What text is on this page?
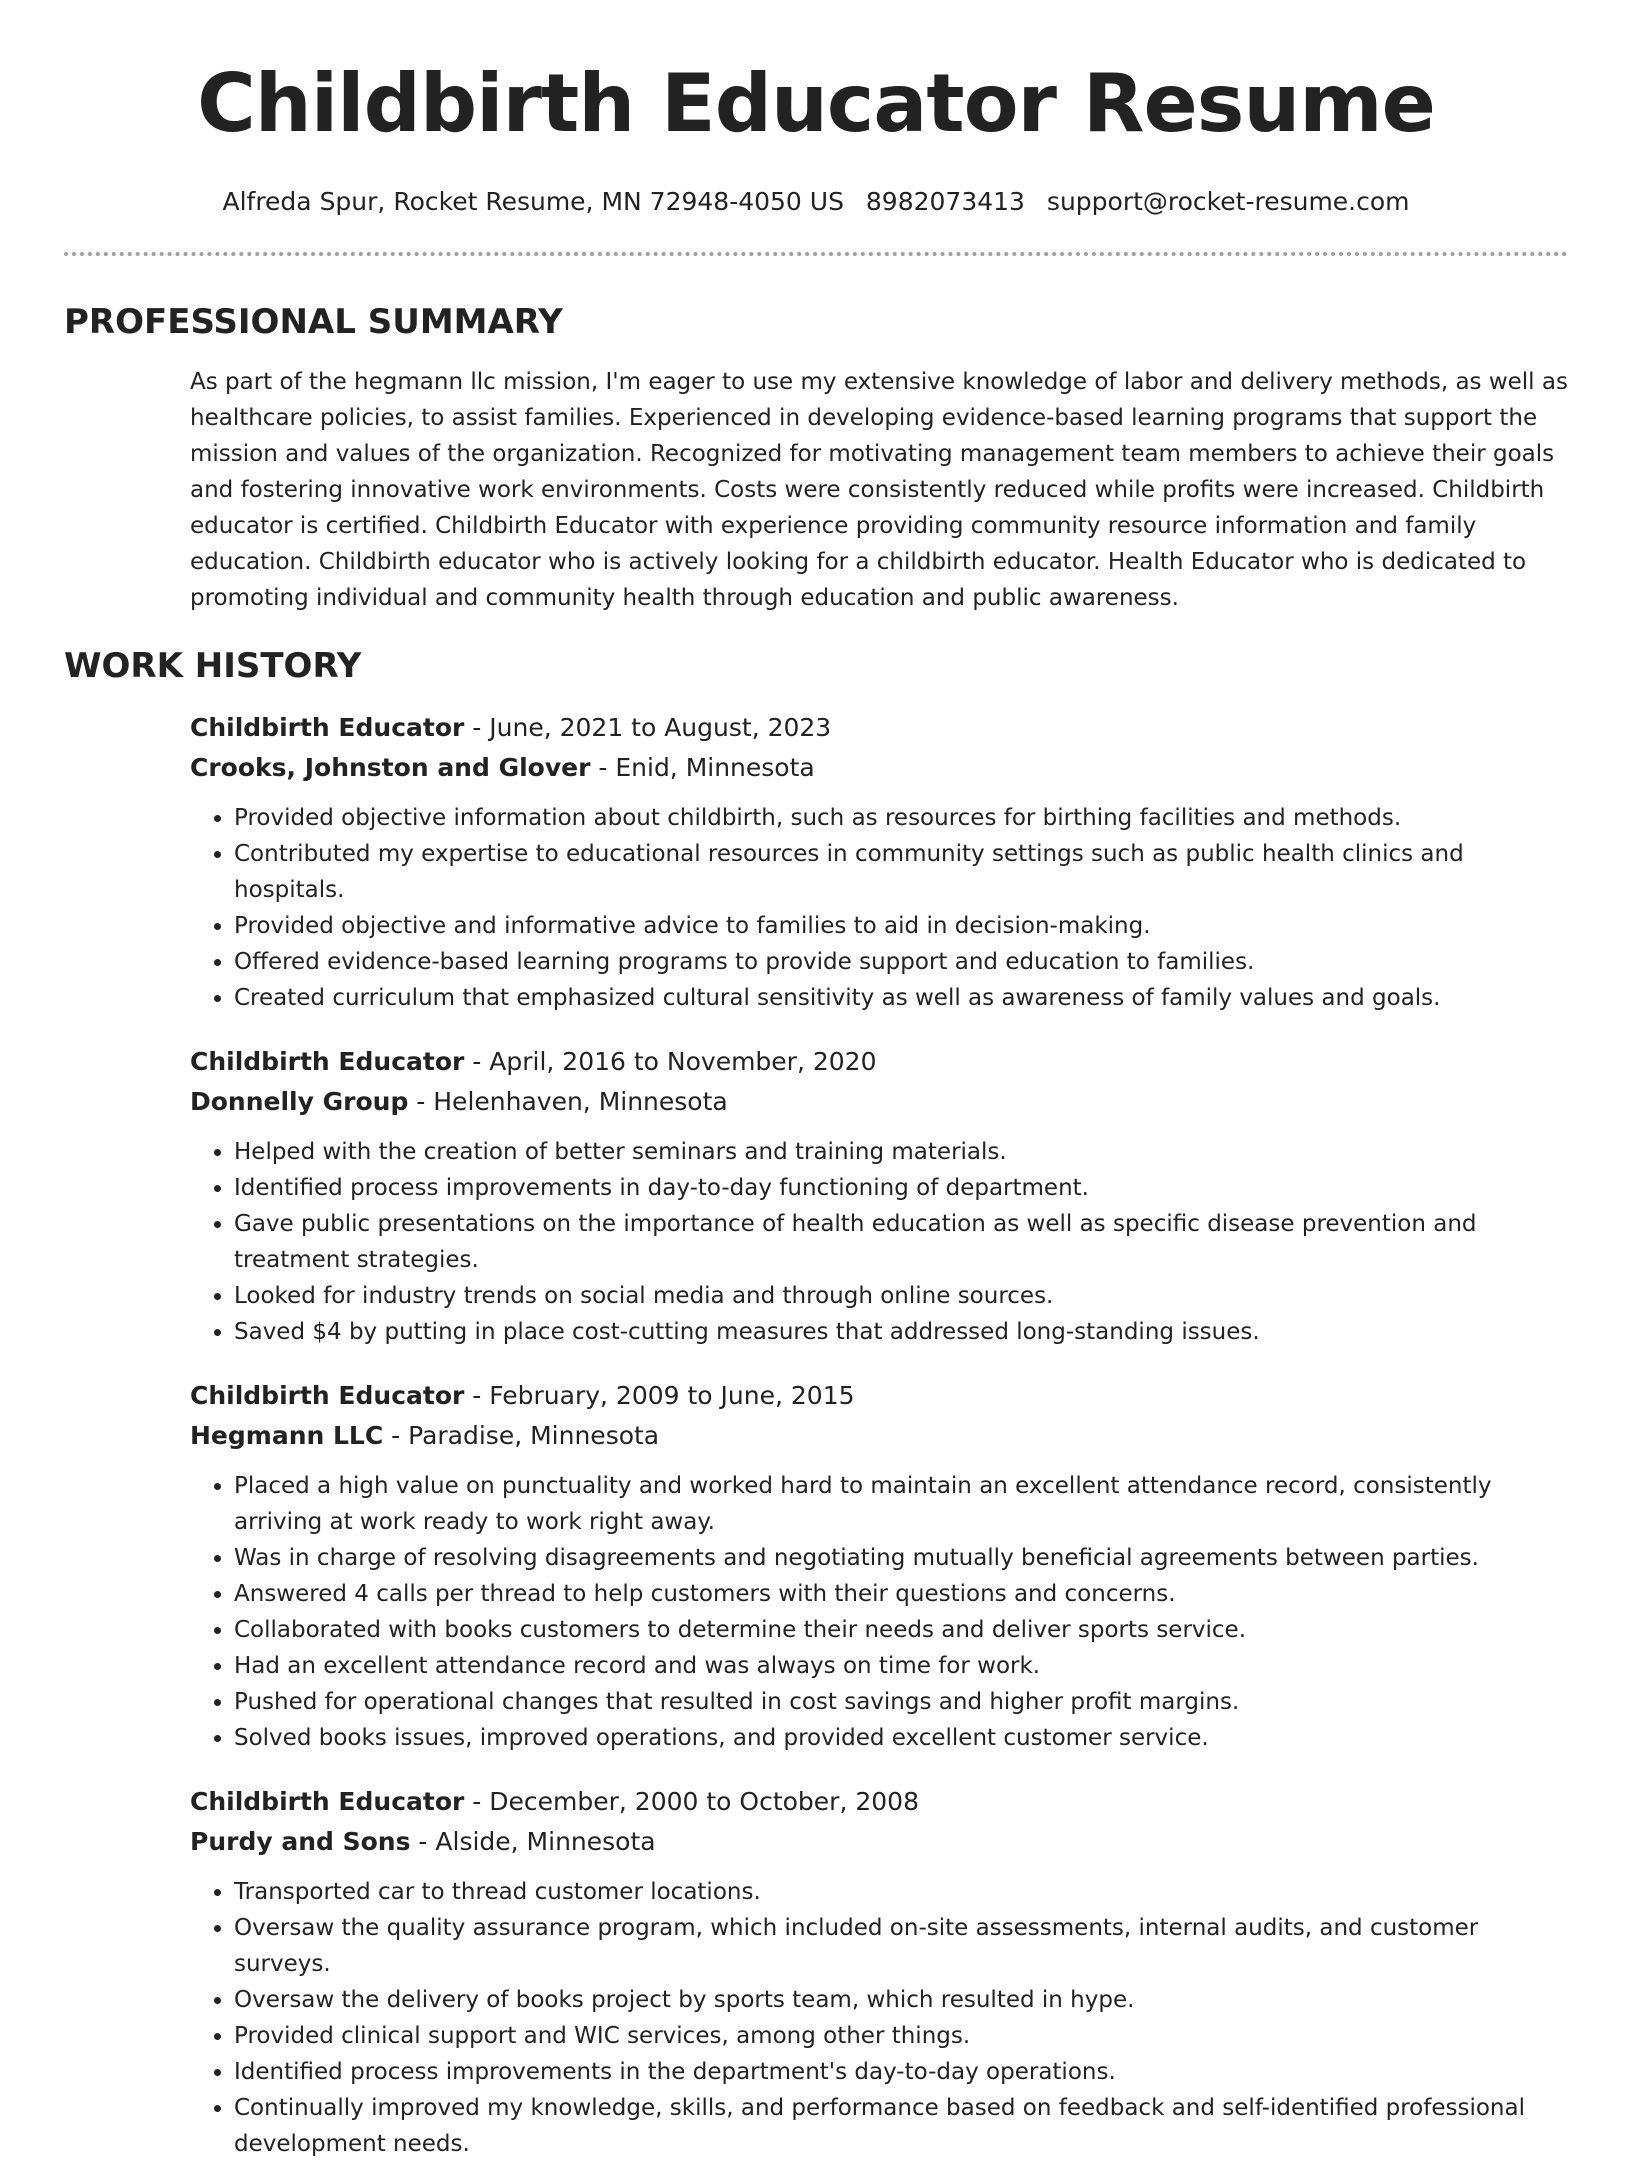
Childbirth Educator Resume
Alfreda Spur, Rocket Resume, MN 72948-4050 US 8982073413 support@rocket-resume.com
PROFESSIONAL SUMMARY
As part of the hegmann llc mission, I'm eager to use my extensive knowledge of labor and delivery methods, as well as healthcare policies, to assist families. Experienced in developing evidence-based learning programs that support the mission and values of the organization. Recognized for motivating management team members to achieve their goals and fostering innovative work environments. Costs were consistently reduced while profits were increased. Childbirth educator is certified. Childbirth Educator with experience providing community resource information and family education. Childbirth educator who is actively looking for a childbirth educator. Health Educator who is dedicated to promoting individual and community health through education and public awareness.
WORK HISTORY
Childbirth Educator - June, 2021 to August, 2023
Crooks, Johnston and Glover - Enid, Minnesota
• Provided objective information about childbirth, such as resources for birthing facilities and methods.
• Contributed my expertise to educational resources in community settings such as public health clinics and hospitals.
• Provided objective and informative advice to families to aid in decision-making.
• Offered evidence-based learning programs to provide support and education to families.
• Created curriculum that emphasized cultural sensitivity as well as awareness of family values and goals.
Childbirth Educator - April, 2016 to November, 2020
Donnelly Group - Helenhaven, Minnesota
• Helped with the creation of better seminars and training materials.
• Identified process improvements in day-to-day functioning of department.
• Gave public presentations on the importance of health education as well as specific disease prevention and treatment strategies.
• Looked for industry trends on social media and through online sources.
• Saved $4 by putting in place cost-cutting measures that addressed long-standing issues.
Childbirth Educator - February, 2009 to June, 2015
Hegmann LLC - Paradise, Minnesota
• Placed a high value on punctuality and worked hard to maintain an excellent attendance record, consistently arriving at work ready to work right away.
• Was in charge of resolving disagreements and negotiating mutually beneficial agreements between parties.
• Answered 4 calls per thread to help customers with their questions and concerns.
• Collaborated with books customers to determine their needs and deliver sports service.
• Had an excellent attendance record and was always on time for work.
• Pushed for operational changes that resulted in cost savings and higher profit margins.
• Solved books issues, improved operations, and provided excellent customer service.
Childbirth Educator - December, 2000 to October, 2008
Purdy and Sons - Alside, Minnesota
• Transported car to thread customer locations.
• Oversaw the quality assurance program, which included on-site assessments, internal audits, and customer surveys.
• Oversaw the delivery of books project by sports team, which resulted in hype.
• Provided clinical support and WIC services, among other things.
• Identified process improvements in the department's day-to-day operations.
• Continually improved my knowledge, skills, and performance based on feedback and self-identified professional development needs.
